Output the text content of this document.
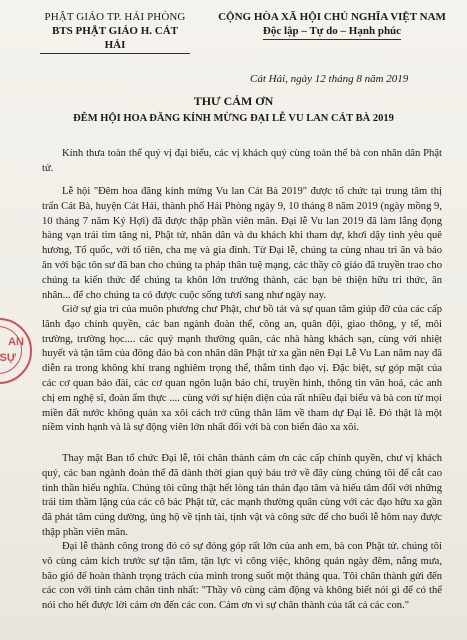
PHẬT GIÁO TP. HẢI PHÒNG
BTS PHẬT GIÁO H. CÁT HẢI
CỘNG HÒA XÃ HỘI CHỦ NGHĨA VIỆT NAM
Độc lập – Tự do – Hạnh phúc
Cát Hải, ngày 12 tháng 8 năm 2019
THƯ CẢM ƠN
ĐÊM HỘI HOA ĐĂNG KÍNH MỪNG ĐẠI LỄ VU LAN CÁT BÀ 2019
Kính thưa toàn thể quý vị đại biểu, các vị khách quý cùng toàn thể bà con nhân dân Phật tử.
Lễ hội "Đêm hoa đăng kính mừng Vu lan Cát Bà 2019" được tổ chức tại trung tâm thị trấn Cát Bà, huyện Cát Hải, thành phố Hải Phòng ngày 9, 10 tháng 8 năm 2019 (ngày mồng 9, 10 tháng 7 năm Kỷ Hợi) đã được thập phần viên mãn. Đại lễ Vu lan 2019 đã làm lắng đọng hàng vạn trái tim tăng ni, Phật tử, nhân dân và du khách khi tham dự, khơi dậy tình yêu quê hương, Tổ quốc, với tổ tiên, cha mẹ và gia đình. Từ Đại lễ, chúng ta cùng nhau tri ân và báo ân với bậc tôn sư đã ban cho chúng ta pháp thân tuệ mạng, các thầy cô giáo đã truyền trao cho chúng ta kiến thức để chúng ta khôn lớn trưởng thành, các bạn bè thiện hữu tri thức, ân nhân... để cho chúng ta có được cuộc sống tươi sang như ngày nay.
Giờ sự gia trì của muôn phương chư Phật, chư bồ tát và sự quan tâm giúp đỡ của các cấp lãnh đạo chính quyền, các ban ngành đoàn thể, công an, quân đội, giao thông, y tế, môi trường, trường học.... các quý mạnh thường quân, các nhà hàng khách sạn, cùng với nhiệt huyết và tận tâm của đông đảo bà con nhân dân Phật tử xa gần nên Đại Lễ Vu Lan năm nay đã diễn ra trong không khí trang nghiêm trọng thể, thắm tình đạo vị. Đặc biệt, sự góp mặt của các cơ quan báo đài, các cơ quan ngôn luận báo chí, truyền hình, thông tin văn hoá, các anh chị em nghệ sĩ, đoàn ẩm thực .... cùng với sự hiện diện của rất nhiều đại biểu và bà con từ mọi miền đất nước không quản xa xôi cách trở cũng thân lâm về tham dự Đại lễ. Đó thật là một niềm vinh hạnh và là sự động viên lớn nhất đối với bà con biển đảo xa xôi.
Thay mặt Ban tổ chức Đại lễ, tôi chân thành cảm ơn các cấp chính quyền, chư vị khách quý, các ban ngành đoàn thể đã dành thời gian quý báu trở về đây cùng chúng tôi để cắt cao tình thần hiếu nghĩa. Chúng tôi cũng thật hết lòng tán thán đạo tâm và hiếu tâm đối với những trái tim thầm lặng của các cô bác Phật tử, các mạnh thường quân cùng với các đạo hữu xa gần đã phát tâm cúng dường, ủng hộ về tịnh tài, tịnh vật và công sức để cho buổi lễ hôm nay được thập phần viên mãn.
Đại lễ thành công trong đó có sự đóng góp rất lớn của anh em, bà con Phật tử. chúng tôi vô cùng cảm kích trước sự tận tâm, tận lực vì công việc, không quản ngày đêm, nắng mưa, bão gió để hoàn thành trọng trách của mình trong suốt một tháng qua. Tôi chân thành gửi đến các con với tình cảm chân tình nhất: "Thầy vô cùng cảm động và không biết nói gì để có thể nói cho hết được lời cảm ơn đến các con. Cảm ơn vì sự chân thành của tất cả các con."
AN
SỰ
